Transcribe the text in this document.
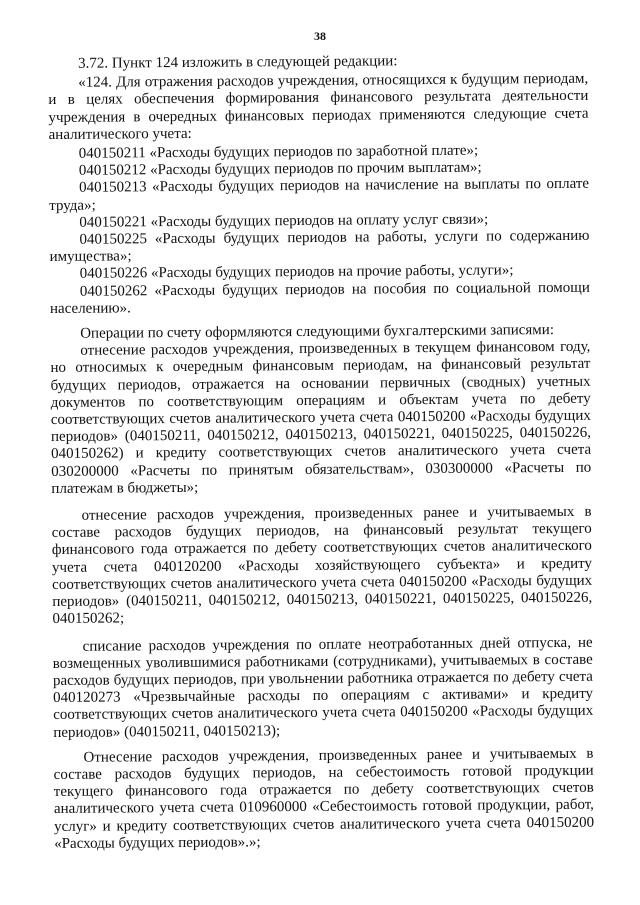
38

3.72. Пункт 124 изложить в следующей редакции:

«124. Для отражения расходов учреждения, относящихся к будущим периодам, и в целях обеспечения формирования финансового результата деятельности учреждения в очередных финансовых периодах применяются следующие счета аналитического учета:

040150211 «Расходы будущих периодов по заработной плате»;

040150212 «Расходы будущих периодов по прочим выплатам»;

040150213 «Расходы будущих периодов на начисление на выплаты по оплате труда»;

040150221 «Расходы будущих периодов на оплату услуг связи»;

040150225 «Расходы будущих периодов на работы, услуги по содержанию имущества»;

040150226 «Расходы будущих периодов на прочие работы, услуги»;

040150262 «Расходы будущих периодов на пособия по социальной помощи населению».

Операции по счету оформляются следующими бухгалтерскими записями:

отнесение расходов учреждения, произведенных в текущем финансовом году, но относимых к очередным финансовым периодам, на финансовый результат будущих периодов, отражается на основании первичных (сводных) учетных документов по соответствующим операциям и объектам учета по дебету соответствующих счетов аналитического учета счета 040150200 «Расходы будущих периодов» (040150211, 040150212, 040150213, 040150221, 040150225, 040150226, 040150262) и кредиту соответствующих счетов аналитического учета счета 030200000 «Расчеты по принятым обязательствам», 030300000 «Расчеты по платежам в бюджеты»;

отнесение расходов учреждения, произведенных ранее и учитываемых в составе расходов будущих периодов, на финансовый результат текущего финансового года отражается по дебету соответствующих счетов аналитического учета счета 040120200 «Расходы хозяйствующего субъекта» и кредиту соответствующих счетов аналитического учета счета 040150200 «Расходы будущих периодов» (040150211, 040150212, 040150213, 040150221, 040150225, 040150226, 040150262;

списание расходов учреждения по оплате неотработанных дней отпуска, не возмещенных уволившимися работниками (сотрудниками), учитываемых в составе расходов будущих периодов, при увольнении работника отражается по дебету счета 040120273 «Чрезвычайные расходы по операциям с активами» и кредиту соответствующих счетов аналитического учета счета 040150200 «Расходы будущих периодов» (040150211, 040150213);

Отнесение расходов учреждения, произведенных ранее и учитываемых в составе расходов будущих периодов, на себестоимость готовой продукции текущего финансового года отражается по дебету соответствующих счетов аналитического учета счета 010960000 «Себестоимость готовой продукции, работ, услуг» и кредиту соответствующих счетов аналитического учета счета 040150200 «Расходы будущих периодов».»;
